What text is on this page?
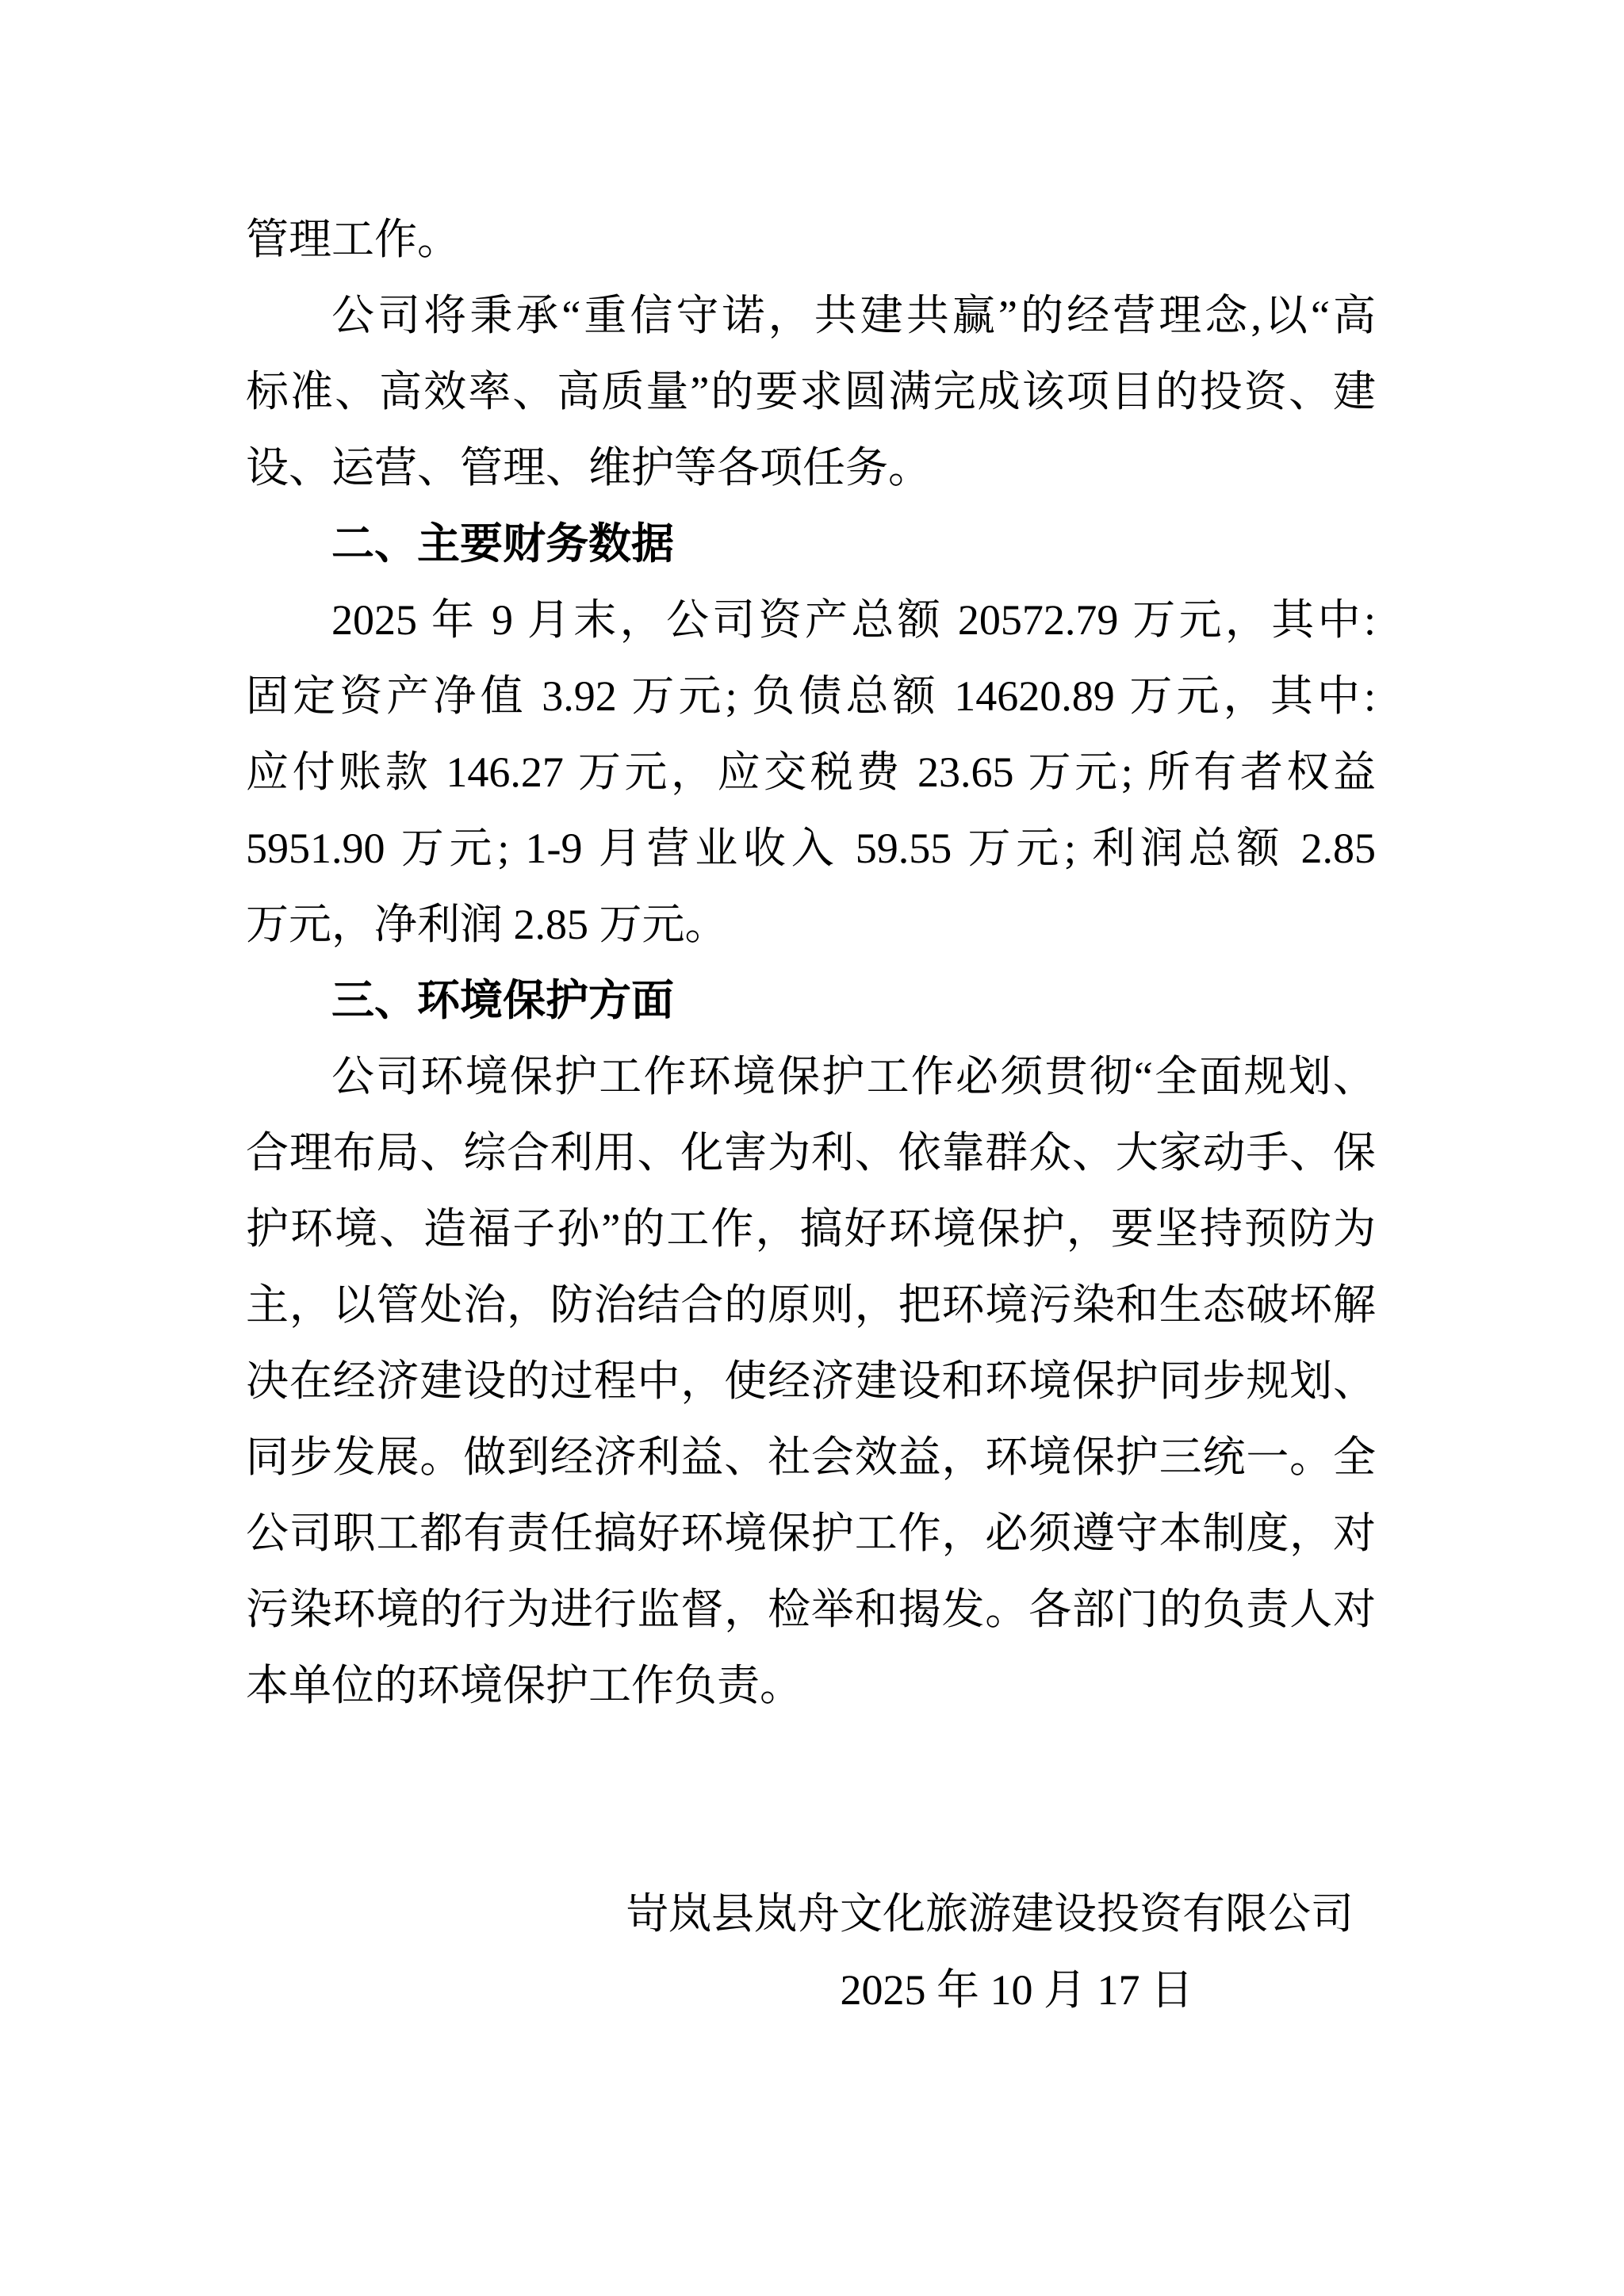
管理工作。
公司将秉承“重信守诺，共建共赢”的经营理念,以“高
标准、高效率、高质量”的要求圆满完成该项目的投资、建
设、运营、管理、维护等各项任务。
二、主要财务数据
2025 年 9 月末，公司资产总额 20572.79 万元，其中:
固定资产净值 3.92 万元; 负债总额 14620.89 万元，其中:
应付账款 146.27 万元，应交税费 23.65 万元; 所有者权益
5951.90 万元; 1-9 月营业收入 59.55 万元; 利润总额 2.85
万元，净利润 2.85 万元。
三、环境保护方面
公司环境保护工作环境保护工作必须贯彻“全面规划、
合理布局、综合利用、化害为利、依靠群众、大家动手、保
护环境、造福子孙”的工作，搞好环境保护，要坚持预防为
主，以管处治，防治结合的原则，把环境污染和生态破坏解
决在经济建设的过程中，使经济建设和环境保护同步规划、
同步发展。做到经济利益、社会效益，环境保护三统一。全
公司职工都有责任搞好环境保护工作，必须遵守本制度，对
污染环境的行为进行监督，检举和揭发。各部门的负责人对
本单位的环境保护工作负责。

岢岚县岚舟文化旅游建设投资有限公司
2025 年 10 月 17 日
